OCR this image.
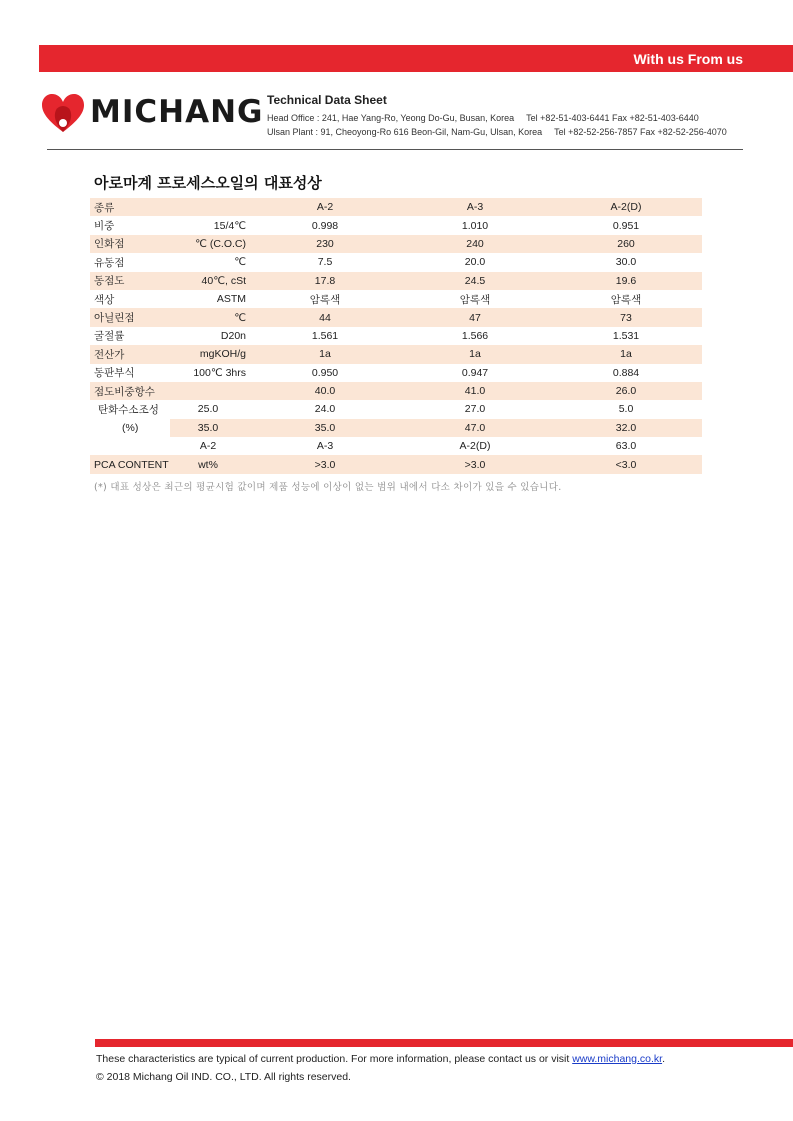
With us From us
MICHANG Technical Data Sheet
Head Office : 241, Hae Yang-Ro, Yeong Do-Gu, Busan, Korea Tel +82-51-403-6441 Fax +82-51-403-6440
Ulsan Plant : 91, Cheoyong-Ro 616 Beon-Gil, Nam-Gu, Ulsan, Korea Tel +82-52-256-7857 Fax +82-52-256-4070
아로마계 프로세스오일의 대표성상
종류		A-2	A-3	A-2(D)
비중	15/4℃	0.998	1.010	0.951
인화점	℃ (C.O.C)	230	240	260
유동점	℃	7.5	20.0	30.0
동점도	40℃, cSt	17.8	24.5	19.6
색상	ASTM	암록색	암록색	암록색
아닐린점	℃	44	47	73
굴절률	D20n	1.561	1.566	1.531
전산가	mgKOH/g	1a	1a	1a
동판부식	100℃ 3hrs	0.950	0.947	0.884
점도비중항수		40.0	41.0	26.0
탄화수소조성	25.0	24.0	27.0	5.0
(%)	35.0	35.0	47.0	32.0
	A-2	A-3	A-2(D)	63.0
PCA CONTENT	wt%	>3.0	>3.0	<3.0
(*) 대표 성상은 최근의 평균시험 값이며 제품 성능에 이상이 없는 범위 내에서 다소 차이가 있을 수 있습니다.
These characteristics are typical of current production. For more information, please contact us or visit www.michang.co.kr.
© 2018 Michang Oil IND. CO., LTD. All rights reserved.
